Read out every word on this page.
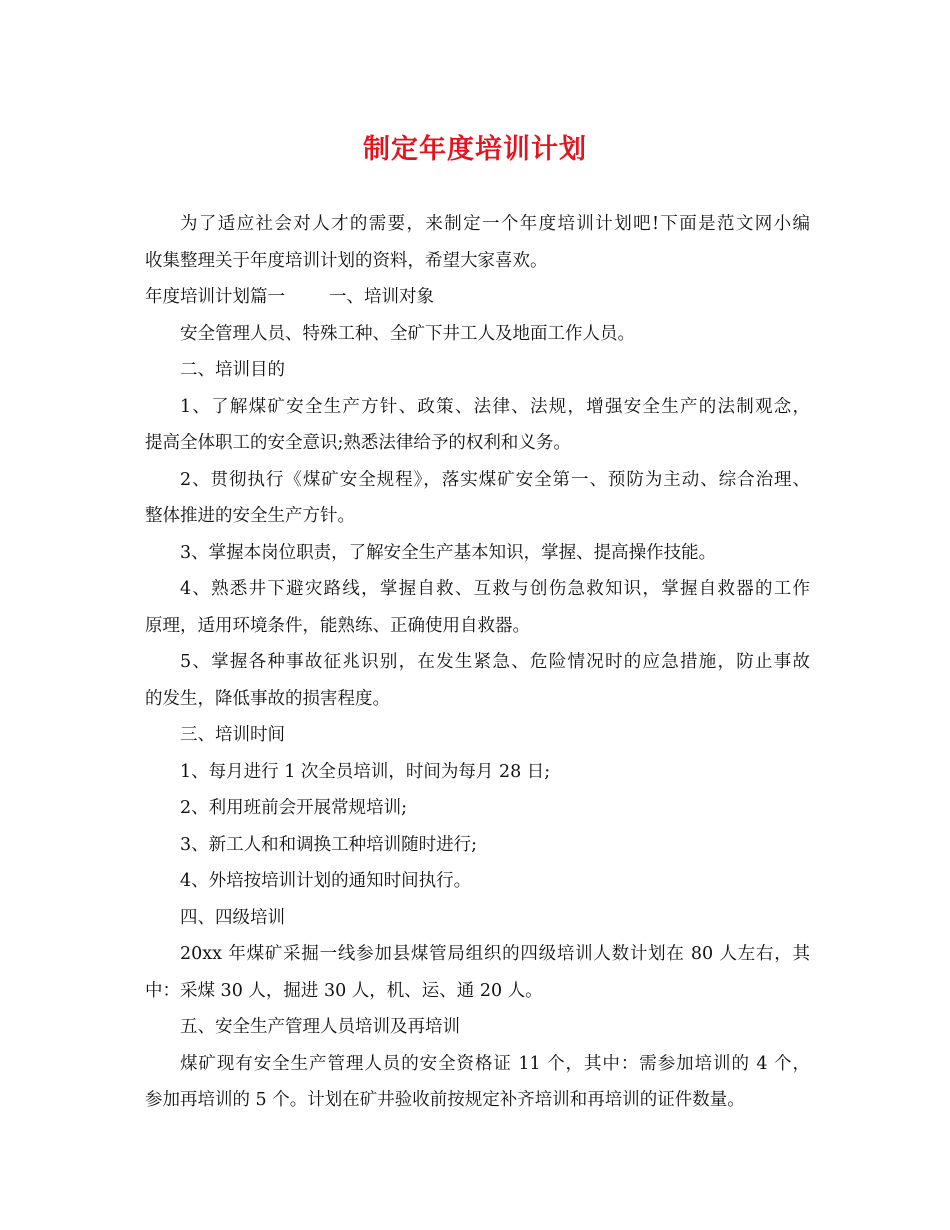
制定年度培训计划
为了适应社会对人才的需要，来制定一个年度培训计划吧!下面是范文网小编
收集整理关于年度培训计划的资料，希望大家喜欢。
年度培训计划篇一	一、培训对象
安全管理人员、特殊工种、全矿下井工人及地面工作人员。
二、培训目的
1、了解煤矿安全生产方针、政策、法律、法规，增强安全生产的法制观念，
提高全体职工的安全意识;熟悉法律给予的权利和义务。
2、贯彻执行《煤矿安全规程》，落实煤矿安全第一、预防为主动、综合治理、
整体推进的安全生产方针。
3、掌握本岗位职责，了解安全生产基本知识，掌握、提高操作技能。
4、熟悉井下避灾路线，掌握自救、互救与创伤急救知识，掌握自救器的工作
原理，适用环境条件，能熟练、正确使用自救器。
5、掌握各种事故征兆识别，在发生紧急、危险情况时的应急措施，防止事故
的发生，降低事故的损害程度。
三、培训时间
1、每月进行 1 次全员培训，时间为每月 28 日;
2、利用班前会开展常规培训;
3、新工人和和调换工种培训随时进行;
4、外培按培训计划的通知时间执行。
四、四级培训
20xx 年煤矿采掘一线参加县煤管局组织的四级培训人数计划在 80 人左右，其
中：采煤 30 人，掘进 30 人，机、运、通 20 人。
五、安全生产管理人员培训及再培训
煤矿现有安全生产管理人员的安全资格证 11 个，其中：需参加培训的 4 个，
参加再培训的 5 个。计划在矿井验收前按规定补齐培训和再培训的证件数量。
